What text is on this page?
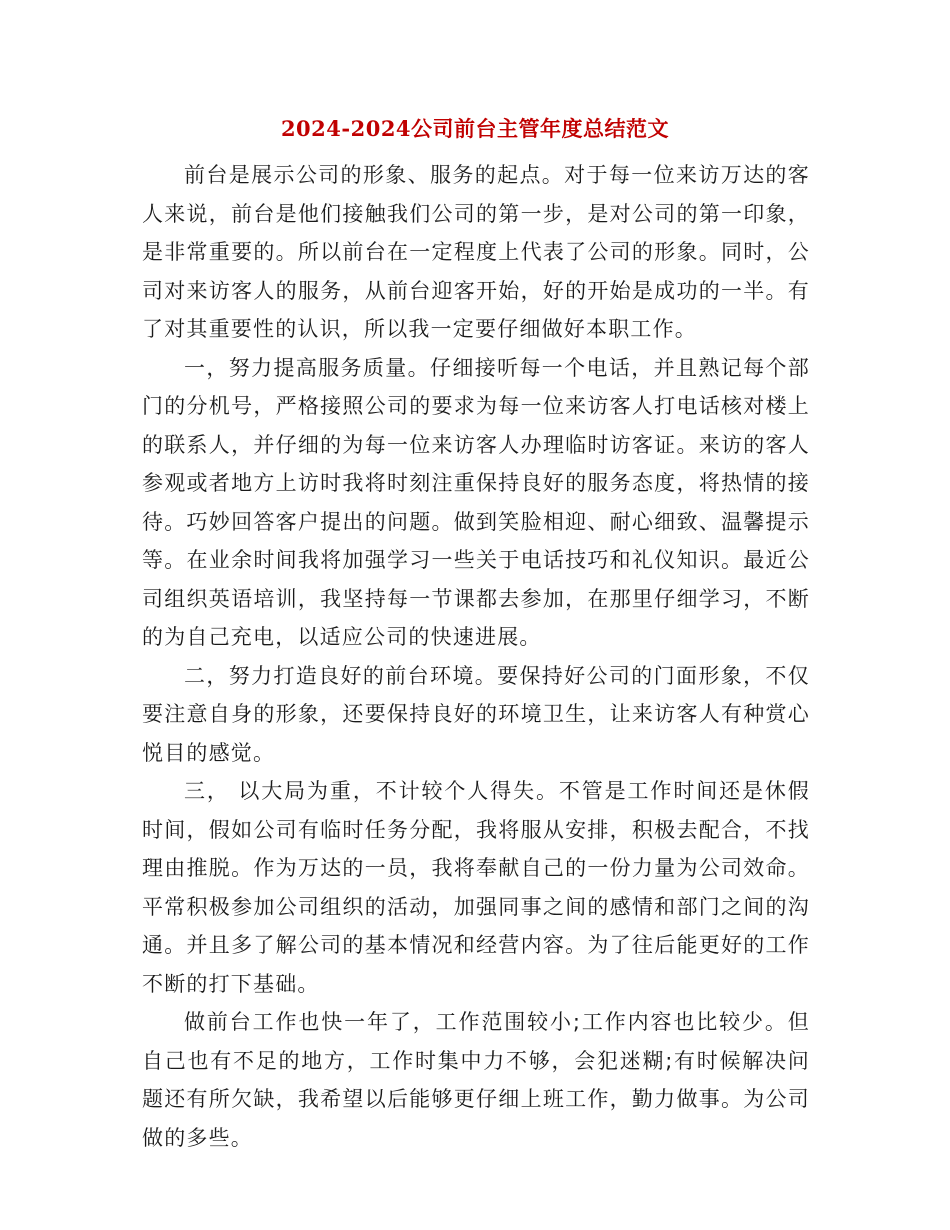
2024-2024公司前台主管年度总结范文

前台是展示公司的形象、服务的起点。对于每一位来访万达的客人来说，前台是他们接触我们公司的第一步，是对公司的第一印象，是非常重要的。所以前台在一定程度上代表了公司的形象。同时，公司对来访客人的服务，从前台迎客开始，好的开始是成功的一半。有了对其重要性的认识，所以我一定要仔细做好本职工作。

一，努力提高服务质量。仔细接听每一个电话，并且熟记每个部门的分机号，严格接照公司的要求为每一位来访客人打电话核对楼上的联系人，并仔细的为每一位来访客人办理临时访客证。来访的客人参观或者地方上访时我将时刻注重保持良好的服务态度，将热情的接待。巧妙回答客户提出的问题。做到笑脸相迎、耐心细致、温馨提示等。在业余时间我将加强学习一些关于电话技巧和礼仪知识。最近公司组织英语培训，我坚持每一节课都去参加，在那里仔细学习，不断的为自己充电，以适应公司的快速进展。

二，努力打造良好的前台环境。要保持好公司的门面形象，不仅要注意自身的形象，还要保持良好的环境卫生，让来访客人有种赏心悦目的感觉。

三， 以大局为重，不计较个人得失。不管是工作时间还是休假时间，假如公司有临时任务分配，我将服从安排，积极去配合，不找理由推脱。作为万达的一员，我将奉献自己的一份力量为公司效命。平常积极参加公司组织的活动，加强同事之间的感情和部门之间的沟通。并且多了解公司的基本情况和经营内容。为了往后能更好的工作不断的打下基础。

做前台工作也快一年了，工作范围较小;工作内容也比较少。但自己也有不足的地方，工作时集中力不够，会犯迷糊;有时候解决问题还有所欠缺，我希望以后能够更仔细上班工作，勤力做事。为公司做的多些。
